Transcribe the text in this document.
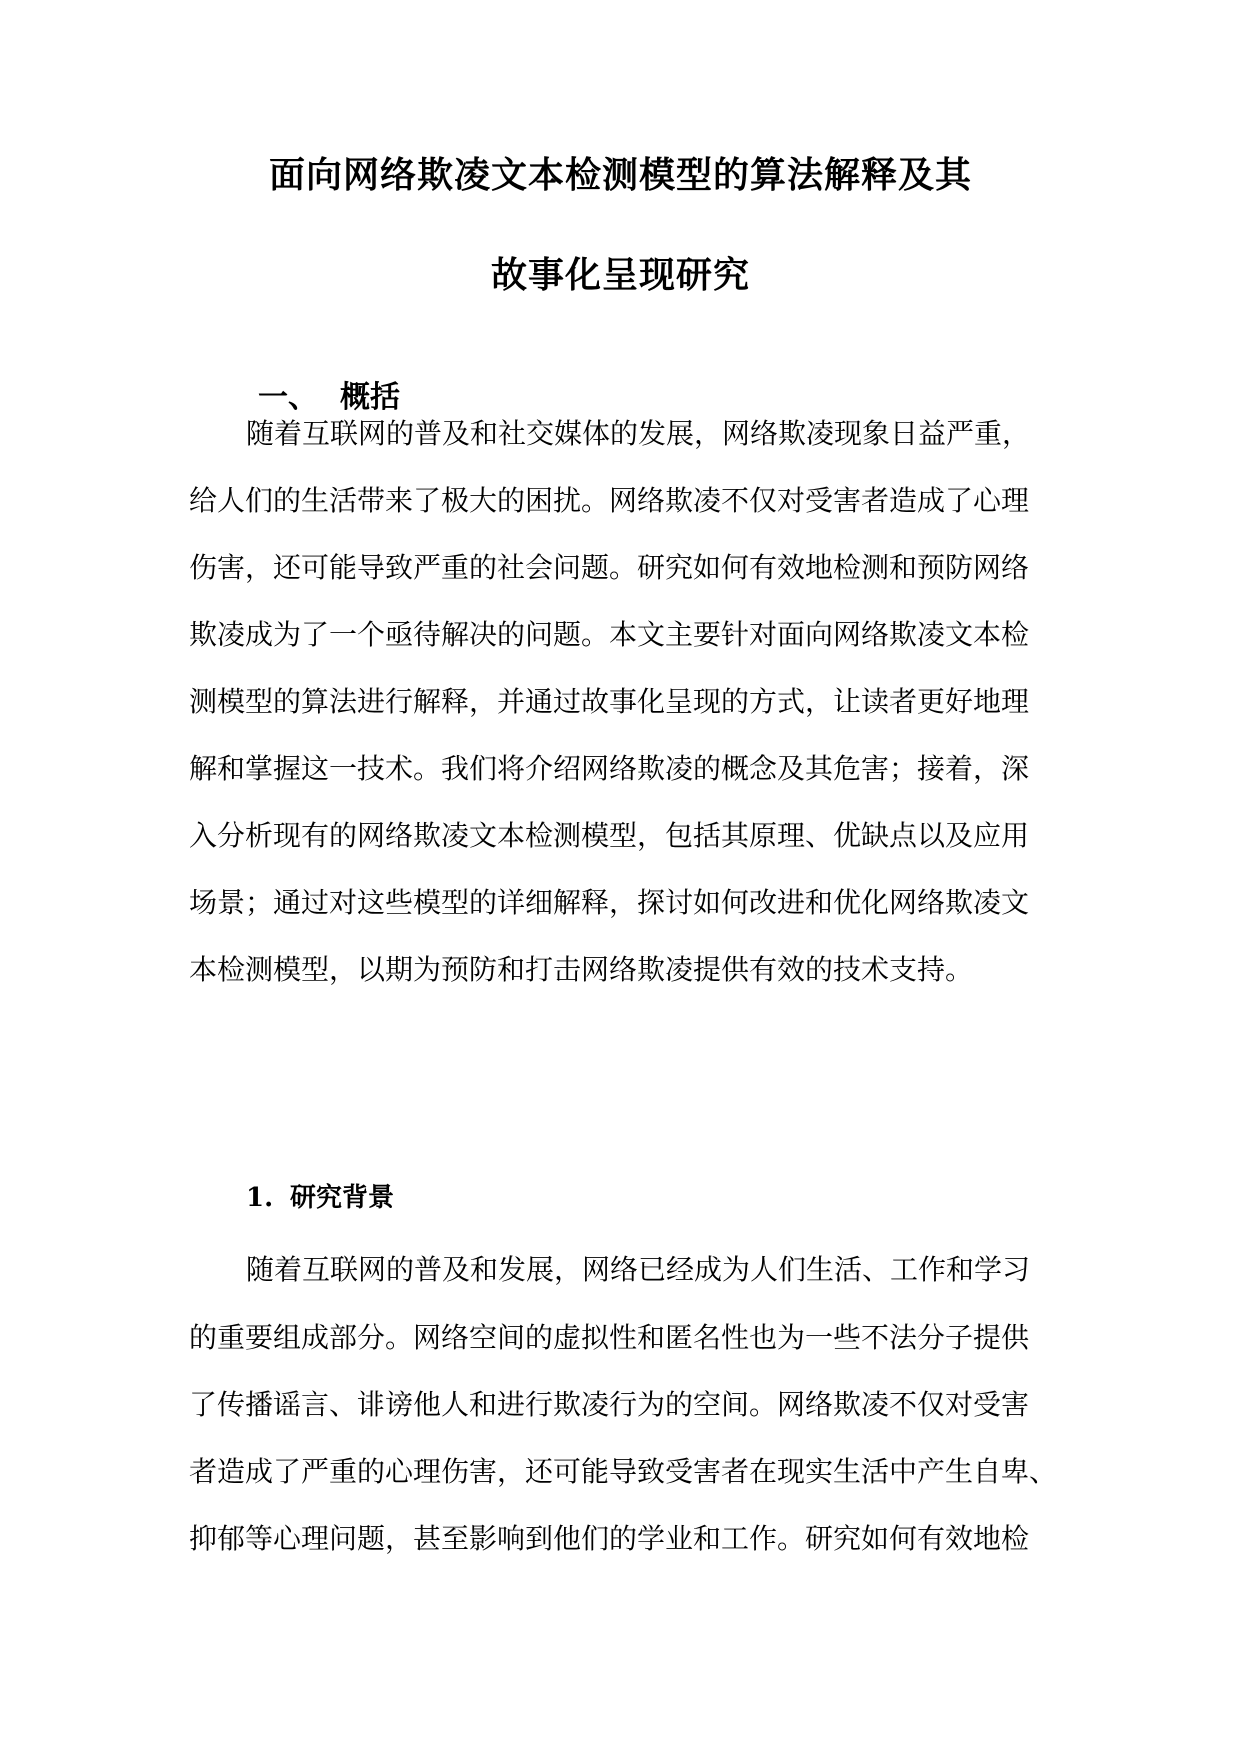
面向网络欺凌文本检测模型的算法解释及其
故事化呈现研究
一、 概括
随着互联网的普及和社交媒体的发展，网络欺凌现象日益严重，
给人们的生活带来了极大的困扰。网络欺凌不仅对受害者造成了心理
伤害，还可能导致严重的社会问题。研究如何有效地检测和预防网络
欺凌成为了一个亟待解决的问题。本文主要针对面向网络欺凌文本检
测模型的算法进行解释，并通过故事化呈现的方式，让读者更好地理
解和掌握这一技术。我们将介绍网络欺凌的概念及其危害；接着，深
入分析现有的网络欺凌文本检测模型，包括其原理、优缺点以及应用
场景；通过对这些模型的详细解释，探讨如何改进和优化网络欺凌文
本检测模型，以期为预防和打击网络欺凌提供有效的技术支持。
1. 研究背景
随着互联网的普及和发展，网络已经成为人们生活、工作和学习
的重要组成部分。网络空间的虚拟性和匿名性也为一些不法分子提供
了传播谣言、诽谤他人和进行欺凌行为的空间。网络欺凌不仅对受害
者造成了严重的心理伤害，还可能导致受害者在现实生活中产生自卑、
抑郁等心理问题，甚至影响到他们的学业和工作。研究如何有效地检
